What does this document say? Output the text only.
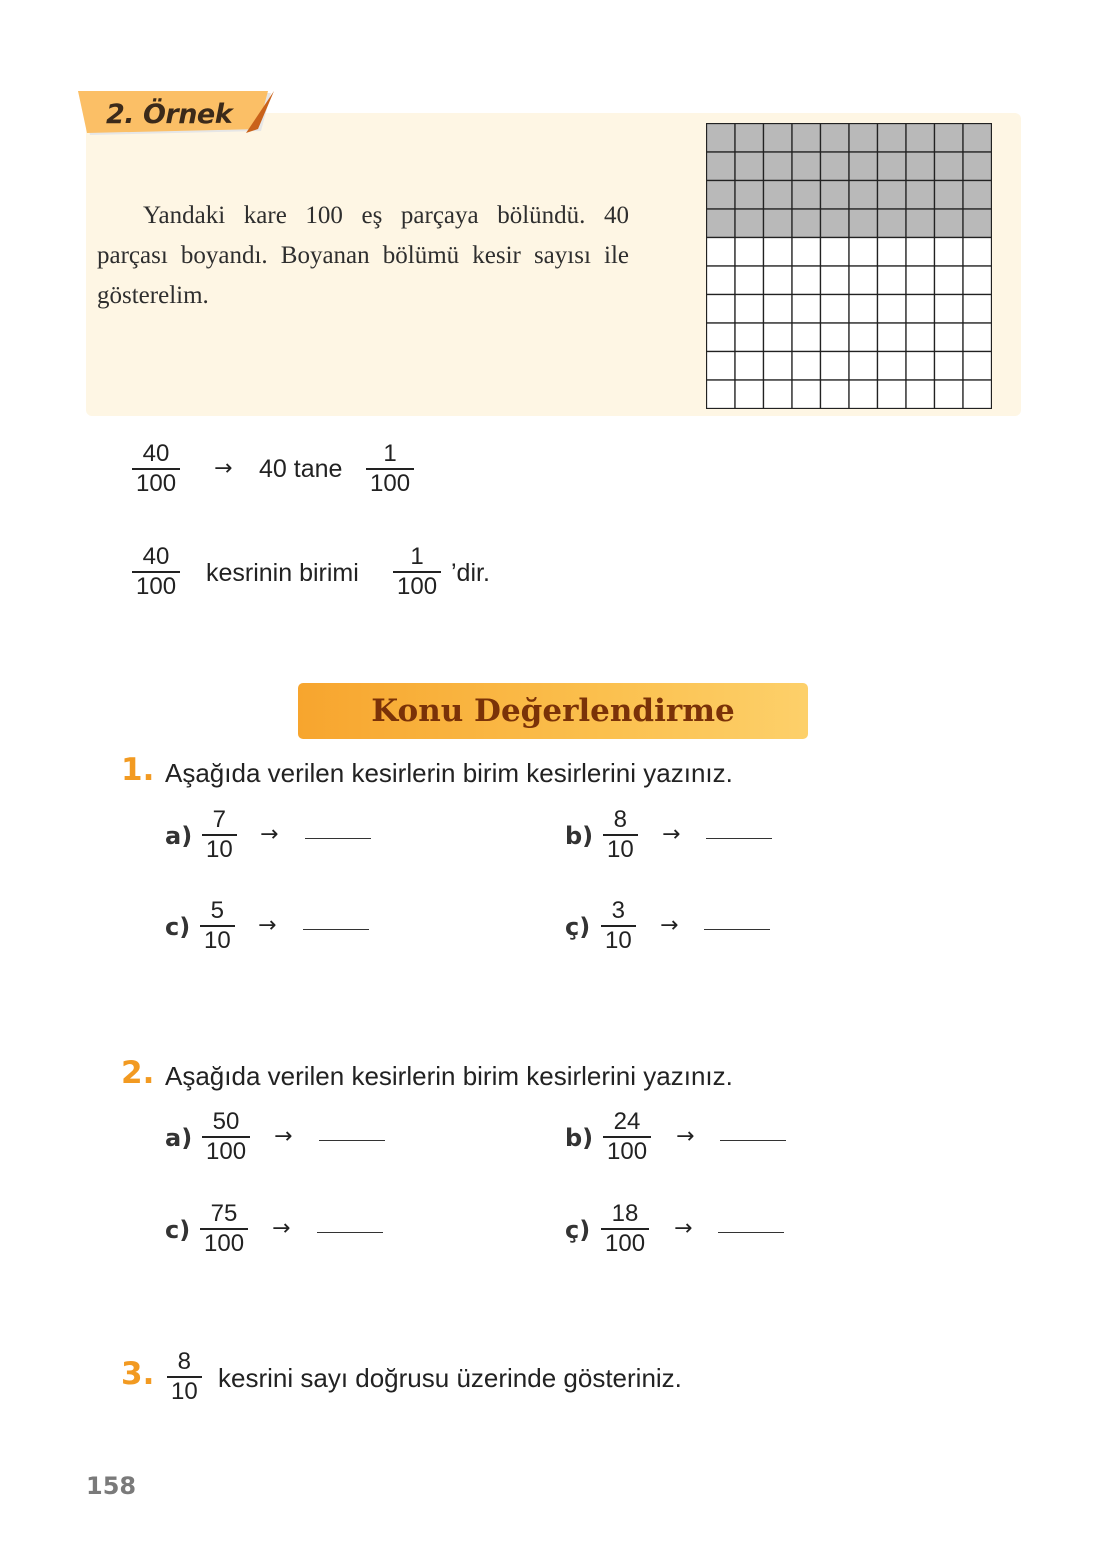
2. Örnek
Yandaki kare 100 eş parçaya bölündü. 40 parçası boyandı. Boyanan bölümü kesir sayısı ile gösterelim.
40
100
→ 40 tane
1
100
40
100 kesrinin birimi
1
100 ’dir.
Konu Değerlendirme
1. Aşağıda verilen kesirlerin birim kesirlerini yazınız.
a)
7
10
→	b)
8
10
→
c)
5
10
→	ç)
3
10
→
2. Aşağıda verilen kesirlerin birim kesirlerini yazınız.
a)
50
100
→	b)
24
100
→
c)
75
100
→	ç)
18
100
→
3. 8
10 kesrini sayı doğrusu üzerinde gösteriniz.
158
